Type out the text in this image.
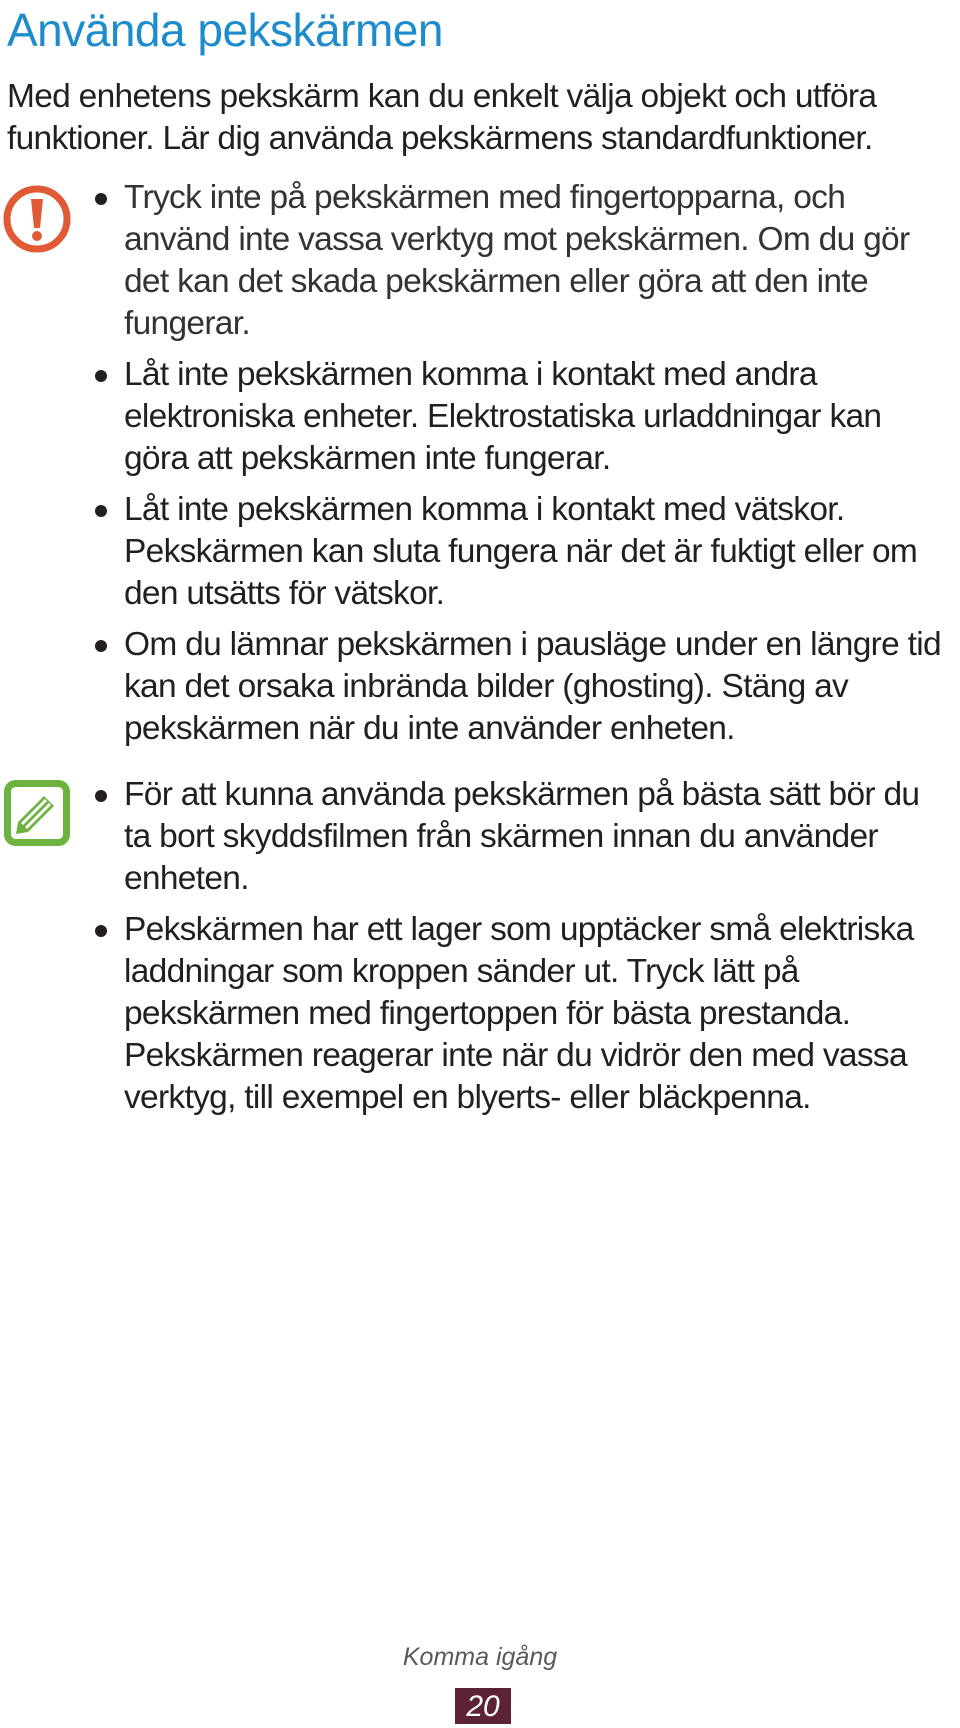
Använda pekskärmen

Med enhetens pekskärm kan du enkelt välja objekt och utföra funktioner. Lär dig använda pekskärmens standardfunktioner.

Tryck inte på pekskärmen med fingertopparna, och använd inte vassa verktyg mot pekskärmen. Om du gör det kan det skada pekskärmen eller göra att den inte fungerar.
Låt inte pekskärmen komma i kontakt med andra elektroniska enheter. Elektrostatiska urladdningar kan göra att pekskärmen inte fungerar.
Låt inte pekskärmen komma i kontakt med vätskor. Pekskärmen kan sluta fungera när det är fuktigt eller om den utsätts för vätskor.
Om du lämnar pekskärmen i pausläge under en längre tid kan det orsaka inbrända bilder (ghosting). Stäng av pekskärmen när du inte använder enheten.
För att kunna använda pekskärmen på bästa sätt bör du ta bort skyddsfilmen från skärmen innan du använder enheten.
Pekskärmen har ett lager som upptäcker små elektriska laddningar som kroppen sänder ut. Tryck lätt på pekskärmen med fingertoppen för bästa prestanda. Pekskärmen reagerar inte när du vidrör den med vassa verktyg, till exempel en blyerts- eller bläckpenna.
Komma igång
20
